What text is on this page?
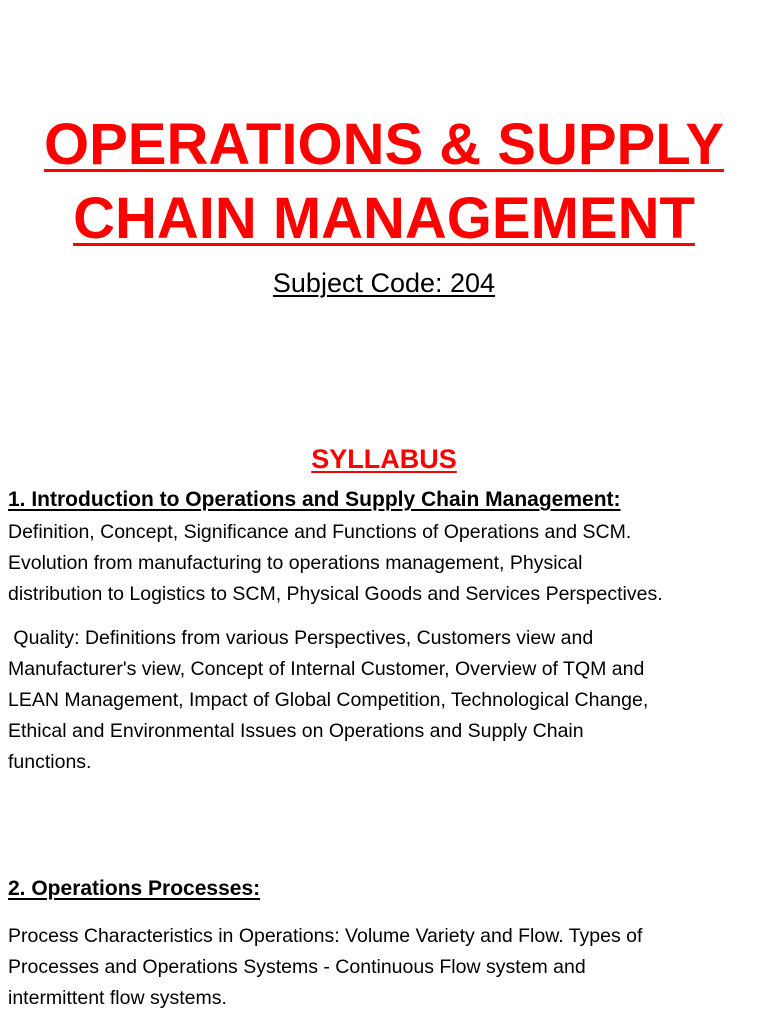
OPERATIONS & SUPPLY
CHAIN MANAGEMENT
Subject Code: 204
SYLLABUS
1. Introduction to Operations and Supply Chain Management:

Definition, Concept, Significance and Functions of Operations and SCM.
Evolution from manufacturing to operations management, Physical
distribution to Logistics to SCM, Physical Goods and Services Perspectives.

Quality: Definitions from various Perspectives, Customers view and
Manufacturer's view, Concept of Internal Customer, Overview of TQM and
LEAN Management, Impact of Global Competition, Technological Change,
Ethical and Environmental Issues on Operations and Supply Chain
functions.

2. Operations Processes:

Process Characteristics in Operations: Volume Variety and Flow. Types of
Processes and Operations Systems - Continuous Flow system and
intermittent flow systems.
